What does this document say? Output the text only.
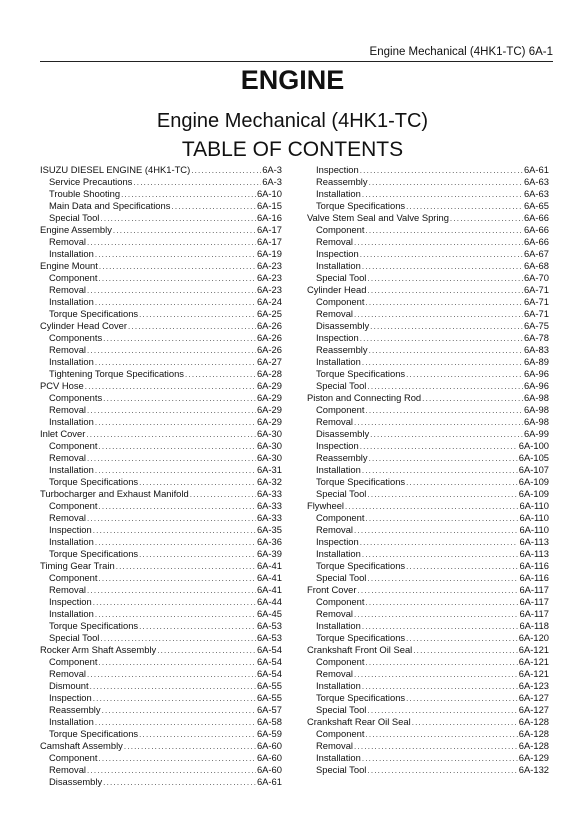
Engine Mechanical (4HK1-TC) 6A-1
ENGINE
Engine Mechanical (4HK1-TC)
TABLE OF CONTENTS
ISUZU DIESEL ENGINE (4HK1-TC) .....	6A-3
Service Precautions .....	6A-3
Trouble Shooting .....	6A-10
Main Data and Specifications .....	6A-15
Special Tool .....	6A-16
Engine Assembly .....	6A-17
Removal .....	6A-17
Installation .....	6A-19
Engine Mount .....	6A-23
Component .....	6A-23
Removal .....	6A-23
Installation .....	6A-24
Torque Specifications .....	6A-25
Cylinder Head Cover .....	6A-26
Components .....	6A-26
Removal .....	6A-26
Installation .....	6A-27
Tightening Torque Specifications .....	6A-28
PCV Hose .....	6A-29
Components .....	6A-29
Removal .....	6A-29
Installation .....	6A-29
Inlet Cover .....	6A-30
Component .....	6A-30
Removal .....	6A-30
Installation .....	6A-31
Torque Specifications .....	6A-32
Turbocharger and Exhaust Manifold .....	6A-33
Component .....	6A-33
Removal .....	6A-33
Inspection .....	6A-35
Installation .....	6A-36
Torque Specifications .....	6A-39
Timing Gear Train .....	6A-41
Component .....	6A-41
Removal .....	6A-41
Inspection .....	6A-44
Installation .....	6A-45
Torque Specifications .....	6A-53
Special Tool .....	6A-53
Rocker Arm Shaft Assembly .....	6A-54
Component .....	6A-54
Removal .....	6A-54
Dismount .....	6A-55
Inspection .....	6A-55
Reassembly .....	6A-57
Installation .....	6A-58
Torque Specifications .....	6A-59
Camshaft Assembly .....	6A-60
Component .....	6A-60
Removal .....	6A-60
Disassembly .....	6A-61
Inspection .....	6A-61
Reassembly .....	6A-63
Installation .....	6A-63
Torque Specifications .....	6A-65
Valve Stem Seal and Valve Spring .....	6A-66
Component .....	6A-66
Removal .....	6A-66
Inspection .....	6A-67
Installation .....	6A-68
Special Tool .....	6A-70
Cylinder Head .....	6A-71
Component .....	6A-71
Removal .....	6A-71
Disassembly .....	6A-75
Inspection .....	6A-78
Reassembly .....	6A-83
Installation .....	6A-89
Torque Specifications .....	6A-96
Special Tool .....	6A-96
Piston and Connecting Rod .....	6A-98
Component .....	6A-98
Removal .....	6A-98
Disassembly .....	6A-99
Inspection .....	6A-100
Reassembly .....	6A-105
Installation .....	6A-107
Torque Specifications .....	6A-109
Special Tool .....	6A-109
Flywheel .....	6A-110
Component .....	6A-110
Removal .....	6A-110
Inspection .....	6A-113
Installation .....	6A-113
Torque Specifications .....	6A-116
Special Tool .....	6A-116
Front Cover .....	6A-117
Component .....	6A-117
Removal .....	6A-117
Installation .....	6A-118
Torque Specifications .....	6A-120
Crankshaft Front Oil Seal .....	6A-121
Component .....	6A-121
Removal .....	6A-121
Installation .....	6A-123
Torque Specifications .....	6A-127
Special Tool .....	6A-127
Crankshaft Rear Oil Seal .....	6A-128
Component .....	6A-128
Removal .....	6A-128
Installation .....	6A-129
Special Tool .....	6A-132
